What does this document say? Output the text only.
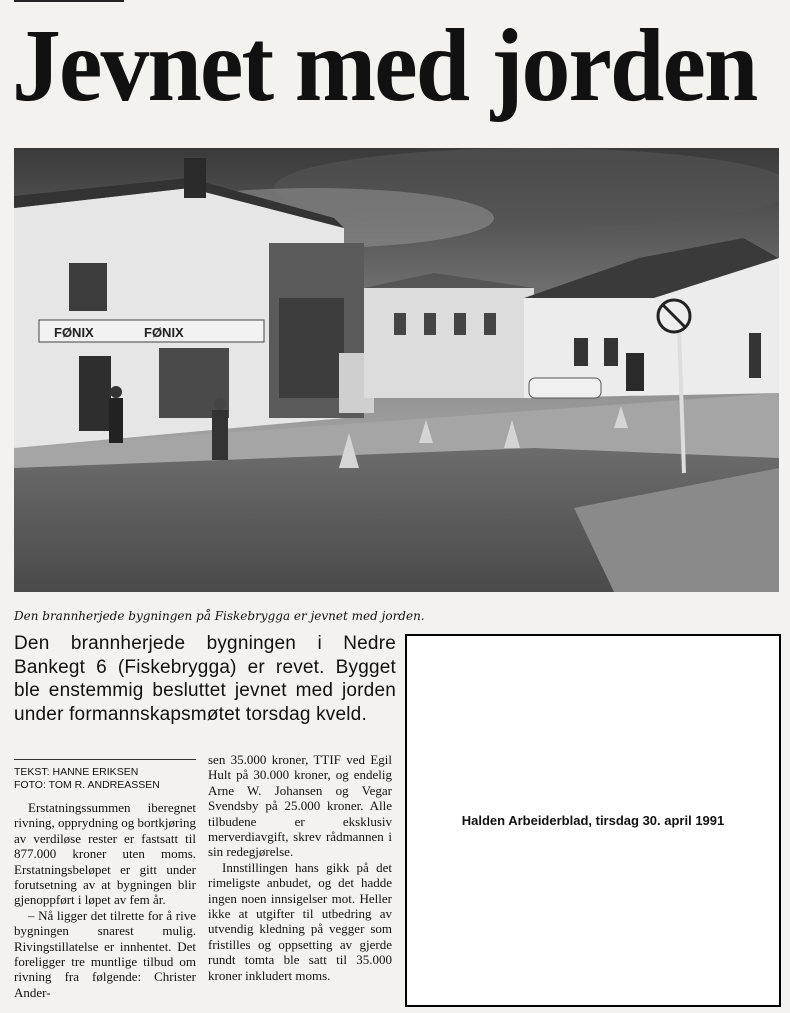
Jevnet med jorden
FØNIX	FØNIX
Den brannherjede bygningen på Fiskebrygga er jevnet med jorden.
Den brannherjede bygningen i Nedre Bankegt 6 (Fiskebrygga) er revet. Bygget ble enstemmig besluttet jevnet med jorden under formannskapsmøtet torsdag kveld.
TEKST: HANNE ERIKSEN
FOTO: TOM R. ANDREASSEN

Erstatningssummen iberegnet rivning, opprydning og bortkjøring av verdiløse rester er fastsatt til 877.000 kroner uten moms. Erstatningsbeløpet er gitt under forutsetning av at bygningen blir gjenoppført i løpet av fem år.

– Nå ligger det tilrette for å rive bygningen snarest mulig. Rivingstillatelse er innhentet. Det foreligger tre muntlige tilbud om rivning fra følgende: Christer Ander-

sen 35.000 kroner, TTIF ved Egil Hult på 30.000 kroner, og endelig Arne W. Johansen og Vegar Svendsby på 25.000 kroner. Alle tilbudene er eksklusiv merverdiavgift, skrev rådmannen i sin redegjørelse.

Innstillingen hans gikk på det rimeligste anbudet, og det hadde ingen noen innsigelser mot. Heller ikke at utgifter til utbedring av utvendig kledning på vegger som fristilles og oppsetting av gjerde rundt tomta ble satt til 35.000 kroner inkludert moms.

Halden Arbeiderblad, tirsdag 30. april 1991
